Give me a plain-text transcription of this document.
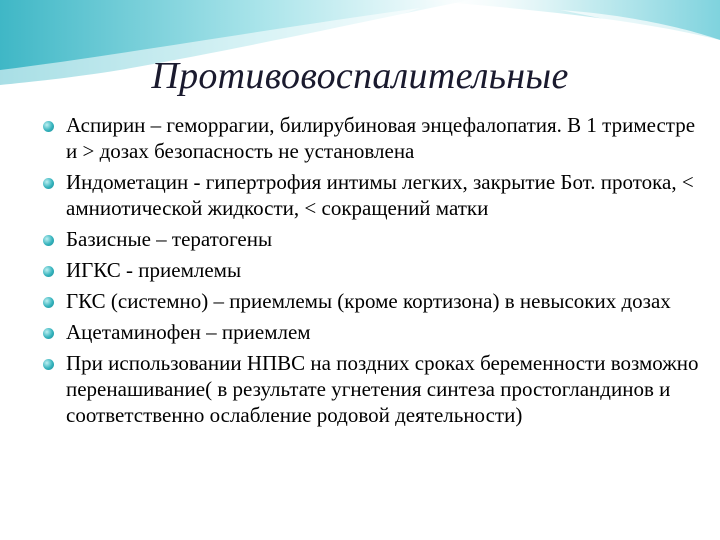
Противовоспалительные
Аспирин – геморрагии, билирубиновая энцефалопатия. В 1 триместре и > дозах безопасность не установлена
Индометацин - гипертрофия интимы легких, закрытие Бот. протока, < амниотической жидкости, < сокращений матки
Базисные – тератогены
ИГКС - приемлемы
ГКС (системно) – приемлемы (кроме кортизона) в невысоких дозах
Ацетаминофен – приемлем
При использовании НПВС на поздних сроках беременности возможно перенашивание( в результате угнетения синтеза простогландинов и соответственно ослабление родовой деятельности)
